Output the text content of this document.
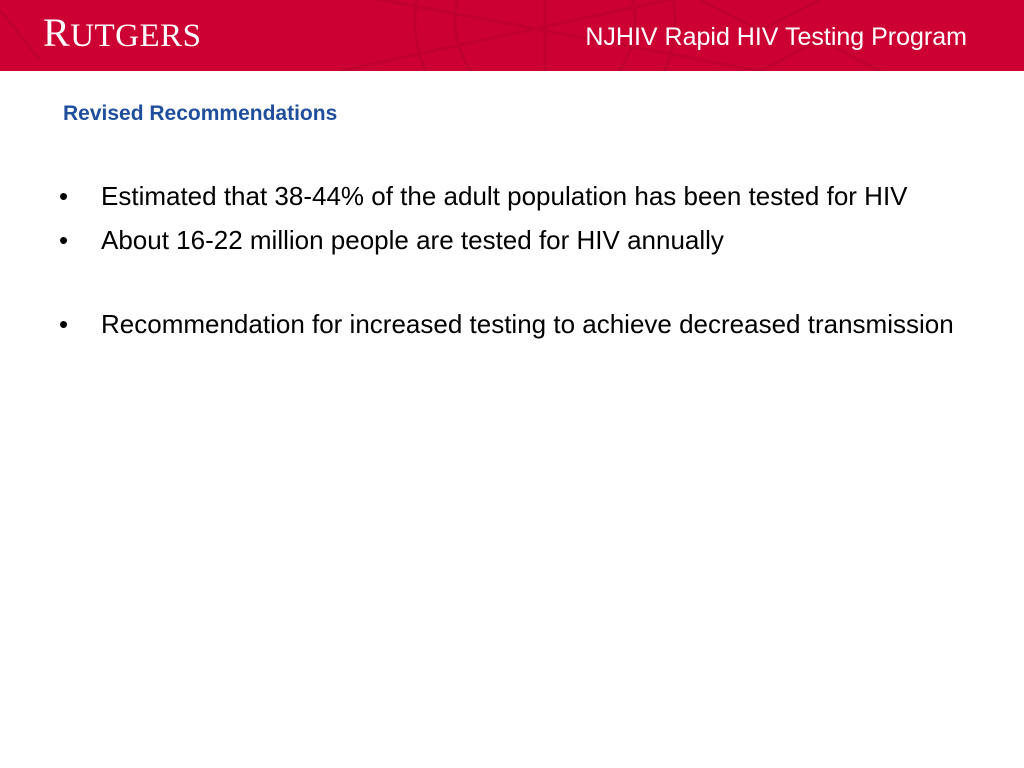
RUTGERS	NJHIV Rapid HIV Testing Program
Revised Recommendations
• Estimated that 38-44% of the adult population has been tested for HIV
• About 16-22 million people are tested for HIV annually
• Recommendation for increased testing to achieve decreased transmission
